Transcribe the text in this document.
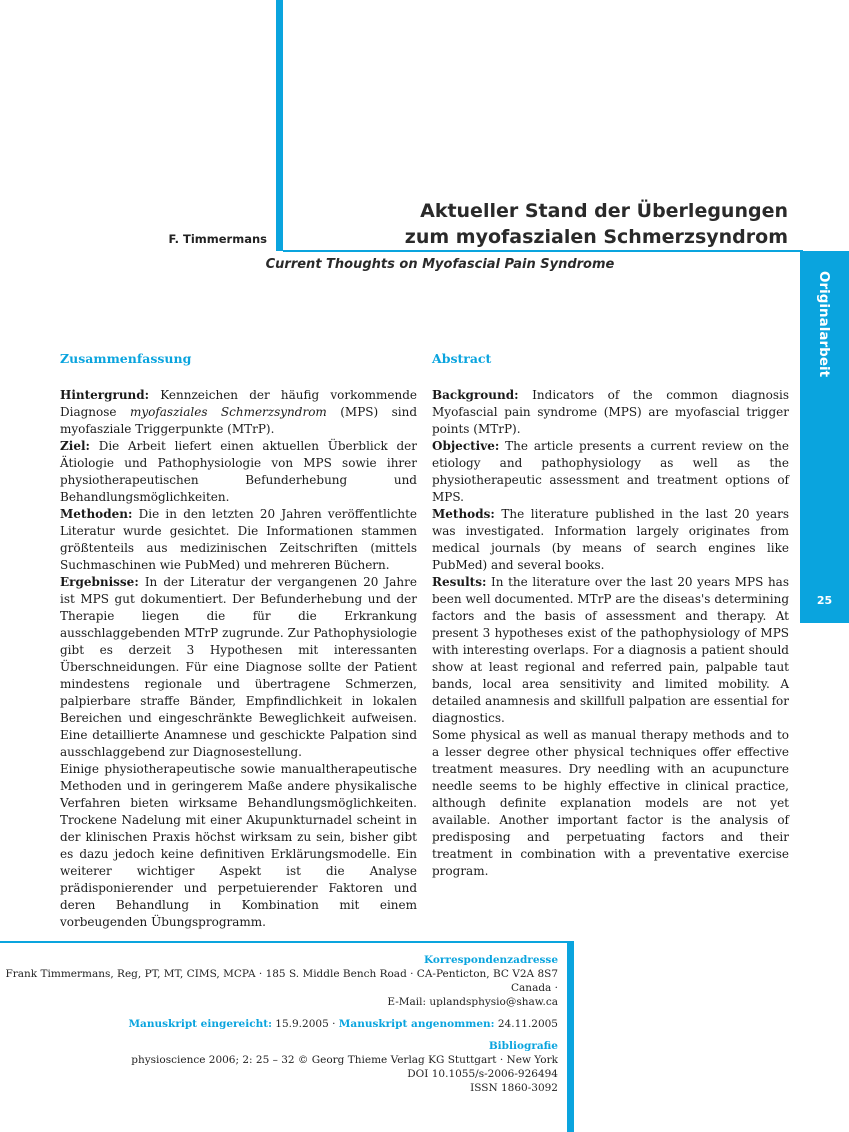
F. Timmermans
Aktueller Stand der Überlegungen
zum myofaszialen Schmerzsyndrom
Current Thoughts on Myofascial Pain Syndrome
Originalarbeit
25
Zusammenfassung

Hintergrund: Kennzeichen der häufig vorkommende Diagnose myofasziales Schmerzsyndrom (MPS) sind myofasziale Triggerpunkte (MTrP).

Ziel: Die Arbeit liefert einen aktuellen Überblick der Ätiologie und Pathophysiologie von MPS sowie ihrer physiotherapeutischen Befunderhebung und Behandlungsmöglichkeiten.

Methoden: Die in den letzten 20 Jahren veröffentlichte Literatur wurde gesichtet. Die Informationen stammen größtenteils aus medizinischen Zeitschriften (mittels Suchmaschinen wie PubMed) und mehreren Büchern.

Ergebnisse: In der Literatur der vergangenen 20 Jahre ist MPS gut dokumentiert. Der Befunderhebung und der Therapie liegen die für die Erkrankung ausschlaggebenden MTrP zugrunde. Zur Pathophysiologie gibt es derzeit 3 Hypothesen mit interessanten Überschneidungen. Für eine Diagnose sollte der Patient mindestens regionale und übertragene Schmerzen, palpierbare straffe Bänder, Empfindlichkeit in lokalen Bereichen und eingeschränkte Beweglichkeit aufweisen. Eine detaillierte Anamnese und geschickte Palpation sind ausschlaggebend zur Diagnosestellung.

Einige physiotherapeutische sowie manualtherapeutische Methoden und in geringerem Maße andere physikalische Verfahren bieten wirksame Behandlungsmöglichkeiten. Trockene Nadelung mit einer Akupunkturnadel scheint in der klinischen Praxis höchst wirksam zu sein, bisher gibt es dazu jedoch keine definitiven Erklärungsmodelle. Ein weiterer wichtiger Aspekt ist die Analyse prädisponierender und perpetuierender Faktoren und deren Behandlung in Kombination mit einem vorbeugenden Übungsprogramm.

Abstract

Background: Indicators of the common diagnosis Myofascial pain syndrome (MPS) are myofascial trigger points (MTrP).

Objective: The article presents a current review on the etiology and pathophysiology as well as the physiotherapeutic assessment and treatment options of MPS.

Methods: The literature published in the last 20 years was investigated. Information largely originates from medical journals (by means of search engines like PubMed) and several books.

Results: In the literature over the last 20 years MPS has been well documented. MTrP are the diseas's determining factors and the basis of assessment and therapy. At present 3 hypotheses exist of the pathophysiology of MPS with interesting overlaps. For a diagnosis a patient should show at least regional and referred pain, palpable taut bands, local area sensitivity and limited mobility. A detailed anamnesis and skillfull palpation are essential for diagnostics.

Some physical as well as manual therapy methods and to a lesser degree other physical techniques offer effective treatment measures. Dry needling with an acupuncture needle seems to be highly effective in clinical practice, although definite explanation models are not yet available. Another important factor is the analysis of predisposing and perpetuating factors and their treatment in combination with a preventative exercise program.

Korrespondenzadresse
Frank Timmermans, Reg, PT, MT, CIMS, MCPA · 185 S. Middle Bench Road · CA-Penticton, BC V2A 8S7 Canada ·
E-Mail: uplandsphysio@shaw.ca
Manuskript eingereicht: 15.9.2005 · Manuskript angenommen: 24.11.2005
Bibliografie
physioscience 2006; 2: 25 – 32 © Georg Thieme Verlag KG Stuttgart · New York
DOI 10.1055/s-2006-926494
ISSN 1860-3092
